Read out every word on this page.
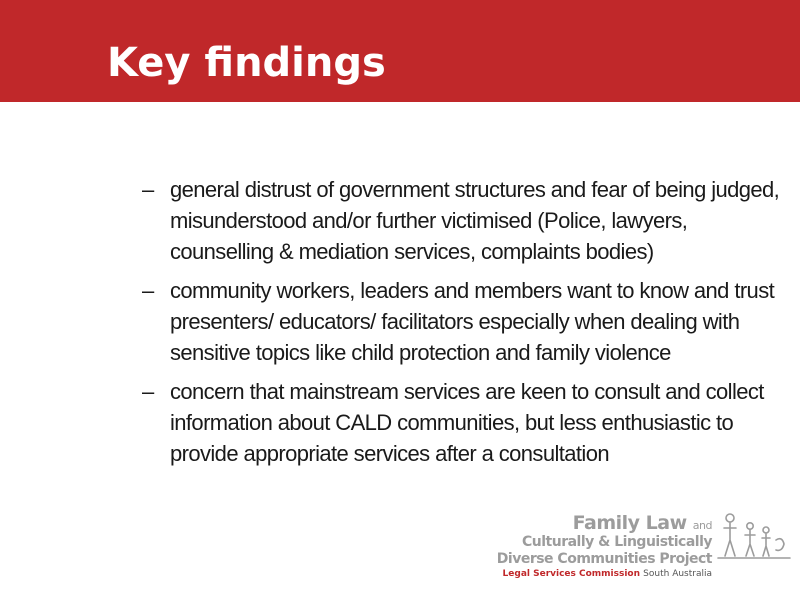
Key findings
– general distrust of government structures and fear of being judged, misunderstood and/or further victimised (Police, lawyers, counselling & mediation services, complaints bodies)
– community workers, leaders and members want to know and trust presenters/ educators/ facilitators especially when dealing with sensitive topics like child protection and family violence
– concern that mainstream services are keen to consult and collect information about CALD communities, but less enthusiastic to provide appropriate services after a consultation
Family Law and
Culturally & Linguistically
Diverse Communities Project
Legal Services Commission South Australia
